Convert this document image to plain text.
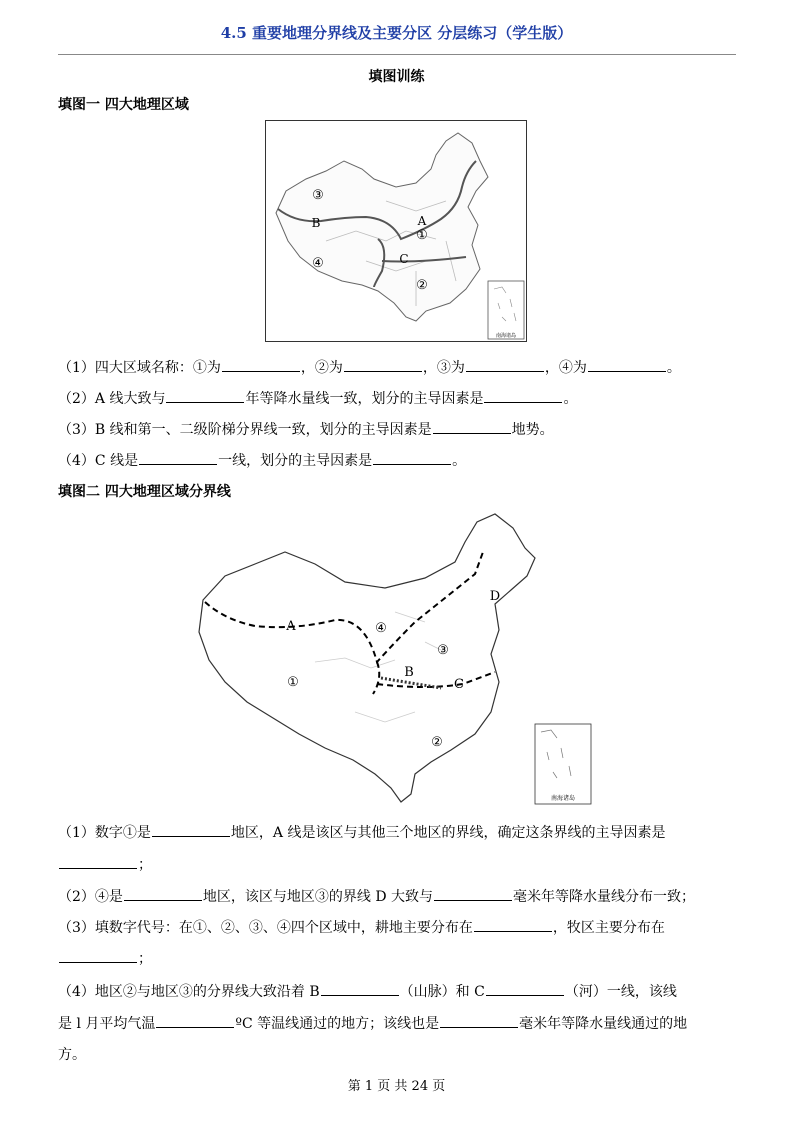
4.5 重要地理分界线及主要分区 分层练习（学生版）
填图训练
填图一 四大地理区域
③
B	A
①
④	C
②
南海诸岛
（1）四大区域名称：①为	，②为	，③为	，④为	。
（2）A 线大致与	年等降水量线一致，划分的主导因素是	。
（3）B 线和第一、二级阶梯分界线一致，划分的主导因素是	地势。
（4）C 线是	一线，划分的主导因素是	。
填图二 四大地理区域分界线
A	④
D
③
B
①	C
②
南海诸岛
（1）数字①是	地区，A 线是该区与其他三个地区的界线，确定这条界线的主导因素是
；
（2）④是	地区，该区与地区③的界线 D 大致与	毫米年等降水量线分布一致；
（3）填数字代号：在①、②、③、④四个区域中，耕地主要分布在	，牧区主要分布在
；
（4）地区②与地区③的分界线大致沿着 B	（山脉）和 C	（河）一线，该线
是 l 月平均气温	ºC 等温线通过的地方；该线也是	毫米年等降水量线通过的地
方。
第 1 页 共 24 页
